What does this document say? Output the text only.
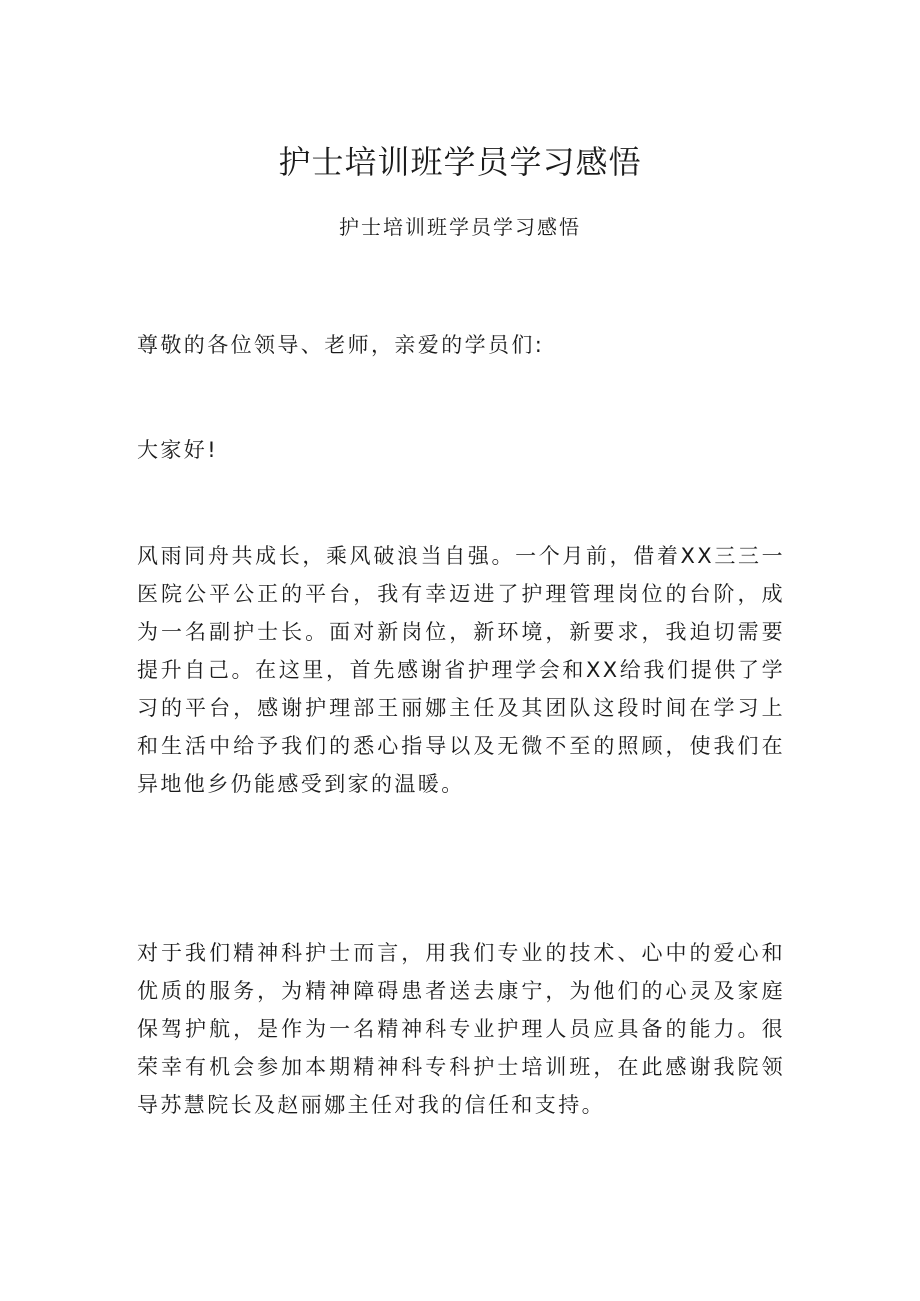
护士培训班学员学习感悟

护士培训班学员学习感悟

尊敬的各位领导、老师，亲爱的学员们:

大家好!

风雨同舟共成长，乘风破浪当自强。一个月前，借着XX三三一医院公平公正的平台，我有幸迈进了护理管理岗位的台阶，成为一名副护士长。面对新岗位，新环境，新要求，我迫切需要提升自己。在这里，首先感谢省护理学会和XX给我们提供了学习的平台，感谢护理部王丽娜主任及其团队这段时间在学习上和生活中给予我们的悉心指导以及无微不至的照顾，使我们在异地他乡仍能感受到家的温暖。

对于我们精神科护士而言，用我们专业的技术、心中的爱心和优质的服务，为精神障碍患者送去康宁，为他们的心灵及家庭保驾护航，是作为一名精神科专业护理人员应具备的能力。很荣幸有机会参加本期精神科专科护士培训班，在此感谢我院领导苏慧院长及赵丽娜主任对我的信任和支持。
